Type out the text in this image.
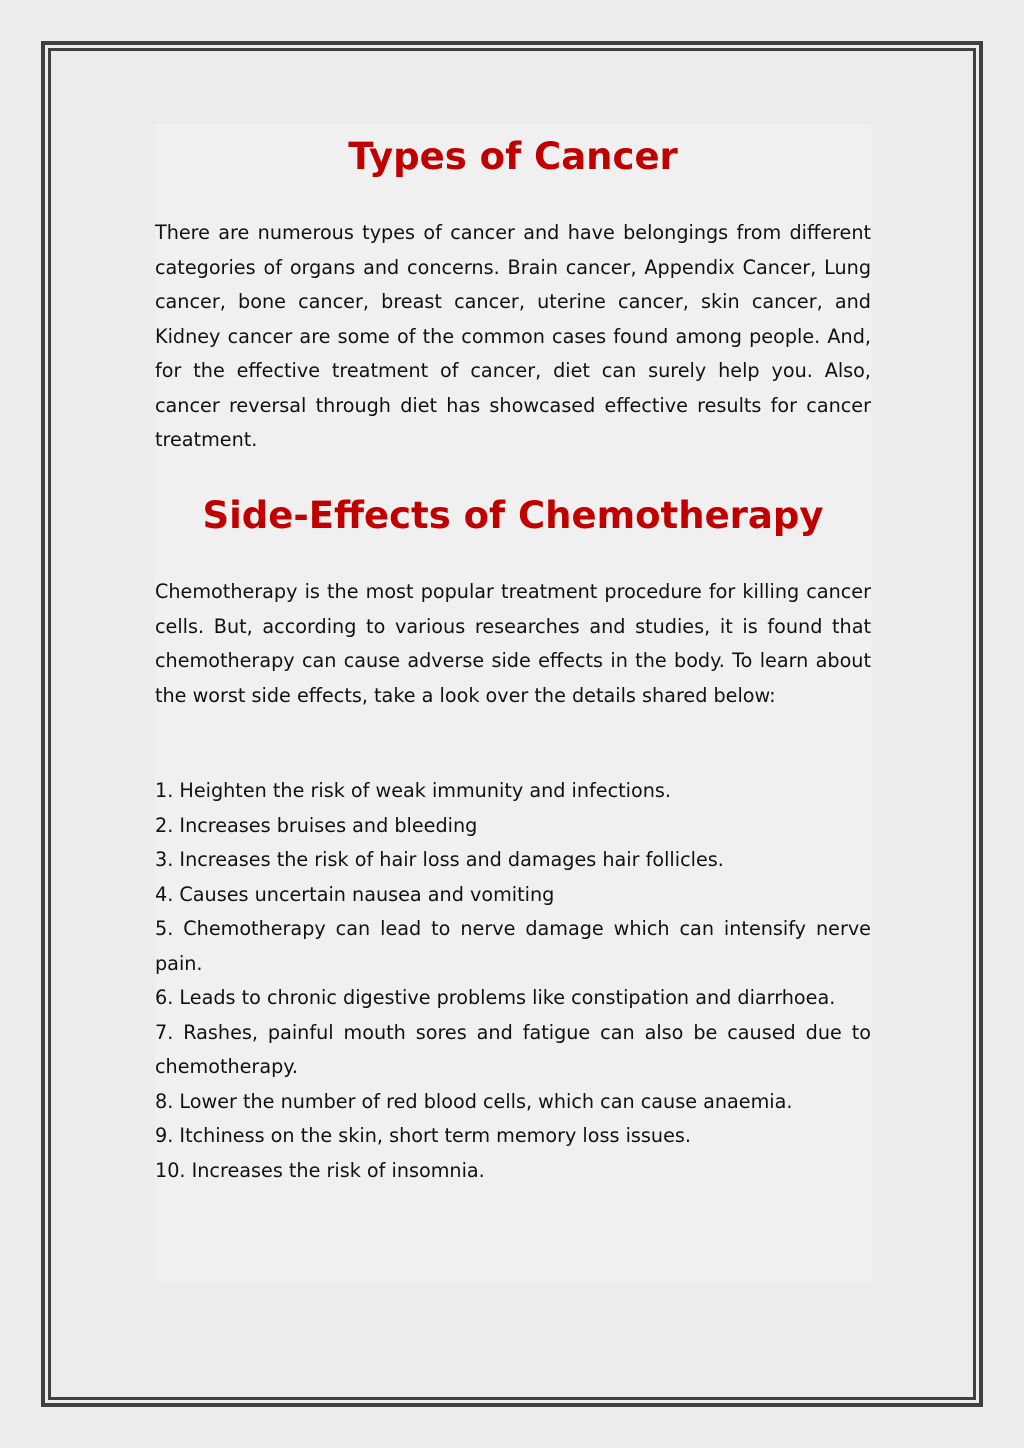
Types of Cancer

There are numerous types of cancer and have belongings from different categories of organs and concerns. Brain cancer, Appendix Cancer, Lung cancer, bone cancer, breast cancer, uterine cancer, skin cancer, and Kidney cancer are some of the common cases found among people. And, for the effective treatment of cancer, diet can surely help you. Also, cancer reversal through diet has showcased effective results for cancer treatment.

Side-Effects of Chemotherapy

Chemotherapy is the most popular treatment procedure for killing cancer cells. But, according to various researches and studies, it is found that chemotherapy can cause adverse side effects in the body. To learn about the worst side effects, take a look over the details shared below:

1. Heighten the risk of weak immunity and infections.
2. Increases bruises and bleeding
3. Increases the risk of hair loss and damages hair follicles.
4. Causes uncertain nausea and vomiting
5. Chemotherapy can lead to nerve damage which can intensify nerve pain.
6. Leads to chronic digestive problems like constipation and diarrhoea.
7. Rashes, painful mouth sores and fatigue can also be caused due to chemotherapy.
8. Lower the number of red blood cells, which can cause anaemia.
9. Itchiness on the skin, short term memory loss issues.
10. Increases the risk of insomnia.
